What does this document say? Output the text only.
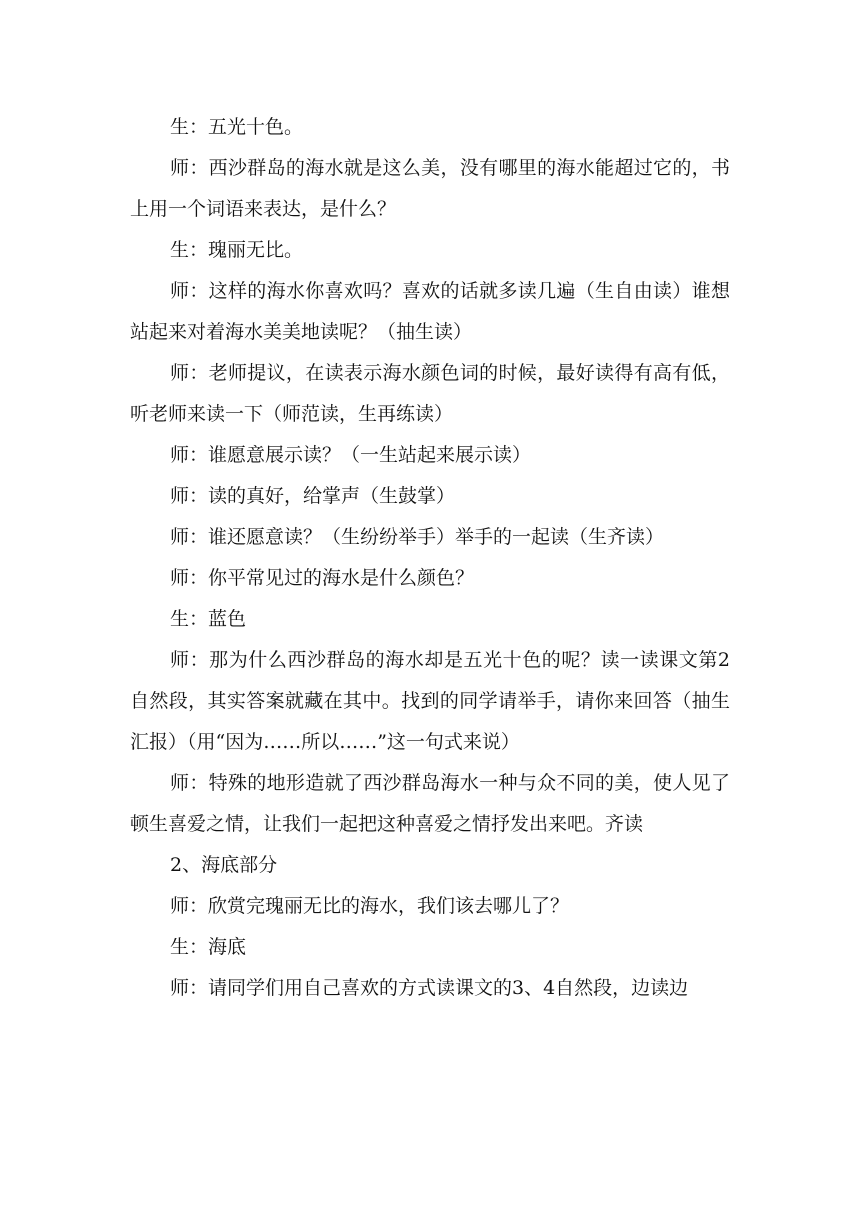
生：五光十色。

师：西沙群岛的海水就是这么美，没有哪里的海水能超过它的，书上用一个词语来表达，是什么？

生：瑰丽无比。

师：这样的海水你喜欢吗？喜欢的话就多读几遍（生自由读）谁想站起来对着海水美美地读呢？（抽生读）

师：老师提议，在读表示海水颜色词的时候，最好读得有高有低，听老师来读一下（师范读，生再练读）

师：谁愿意展示读？（一生站起来展示读）

师：读的真好，给掌声（生鼓掌）

师：谁还愿意读？（生纷纷举手）举手的一起读（生齐读）

师：你平常见过的海水是什么颜色？

生：蓝色

师：那为什么西沙群岛的海水却是五光十色的呢？读一读课文第2自然段，其实答案就藏在其中。找到的同学请举手，请你来回答（抽生汇报）（用“因为……所以……”这一句式来说）

师：特殊的地形造就了西沙群岛海水一种与众不同的美，使人见了顿生喜爱之情，让我们一起把这种喜爱之情抒发出来吧。齐读

2、海底部分

师：欣赏完瑰丽无比的海水，我们该去哪儿了？

生：海底

师：请同学们用自己喜欢的方式读课文的3、4自然段，边读边
